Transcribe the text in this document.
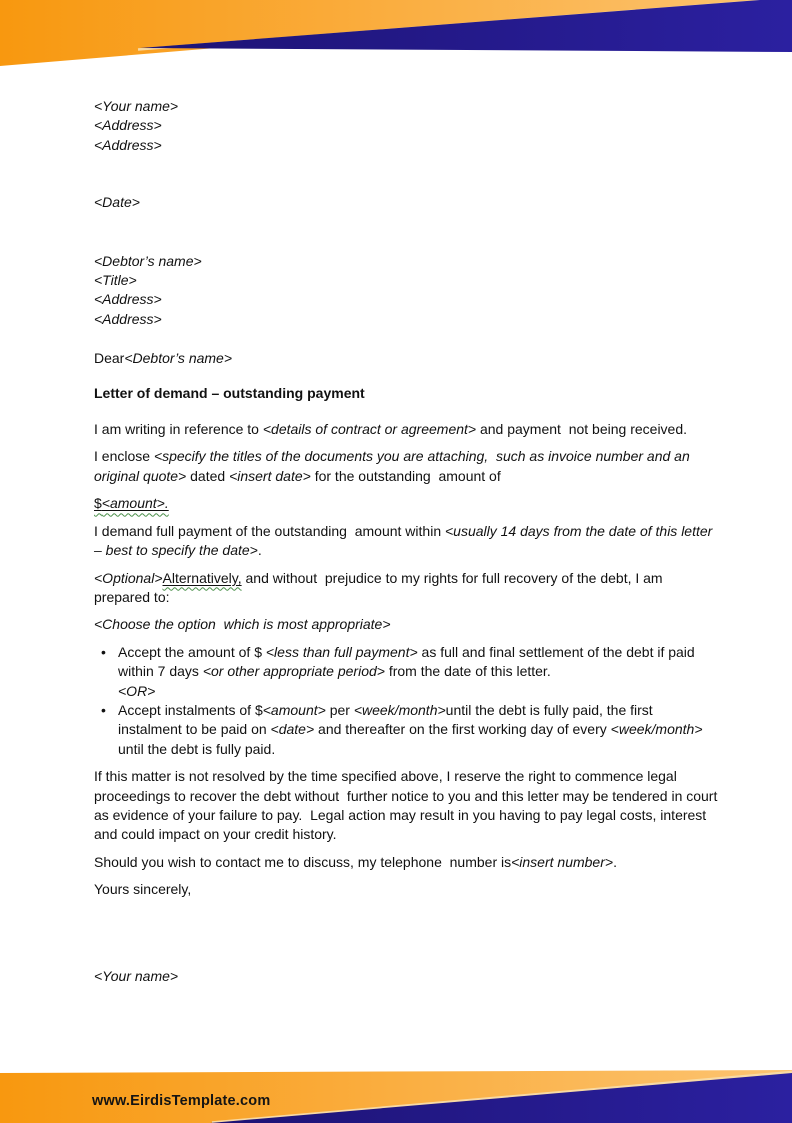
<Your name>
<Address>
<Address>

<Date>

<Debtor’s name>
<Title>
<Address>
<Address>

Dear<Debtor’s name>

Letter of demand – outstanding payment

I am writing in reference to <details of contract or agreement> and payment  not being received.

I enclose <specify the titles of the documents you are attaching,  such as invoice number and an original quote> dated <insert date> for the outstanding  amount of

$<amount>.

I demand full payment of the outstanding  amount within <usually 14 days from the date of this letter – best to specify the date>.

<Optional>Alternatively, and without  prejudice to my rights for full recovery of the debt, I am prepared to:

<Choose the option  which is most appropriate>

• Accept the amount of $ <less than full payment> as full and final settlement of the debt if paid within 7 days <or other appropriate period> from the date of this letter.
<OR>
• Accept instalments of $<amount> per <week/month>until the debt is fully paid, the first instalment to be paid on <date> and thereafter on the first working day of every <week/month> until the debt is fully paid.

If this matter is not resolved by the time specified above, I reserve the right to commence legal proceedings to recover the debt without  further notice to you and this letter may be tendered in court as evidence of your failure to pay.  Legal action may result in you having to pay legal costs, interest and could impact on your credit history.

Should you wish to contact me to discuss, my telephone  number is<insert number>.

Yours sincerely,

<Your name>

www.EirdisTemplate.com
